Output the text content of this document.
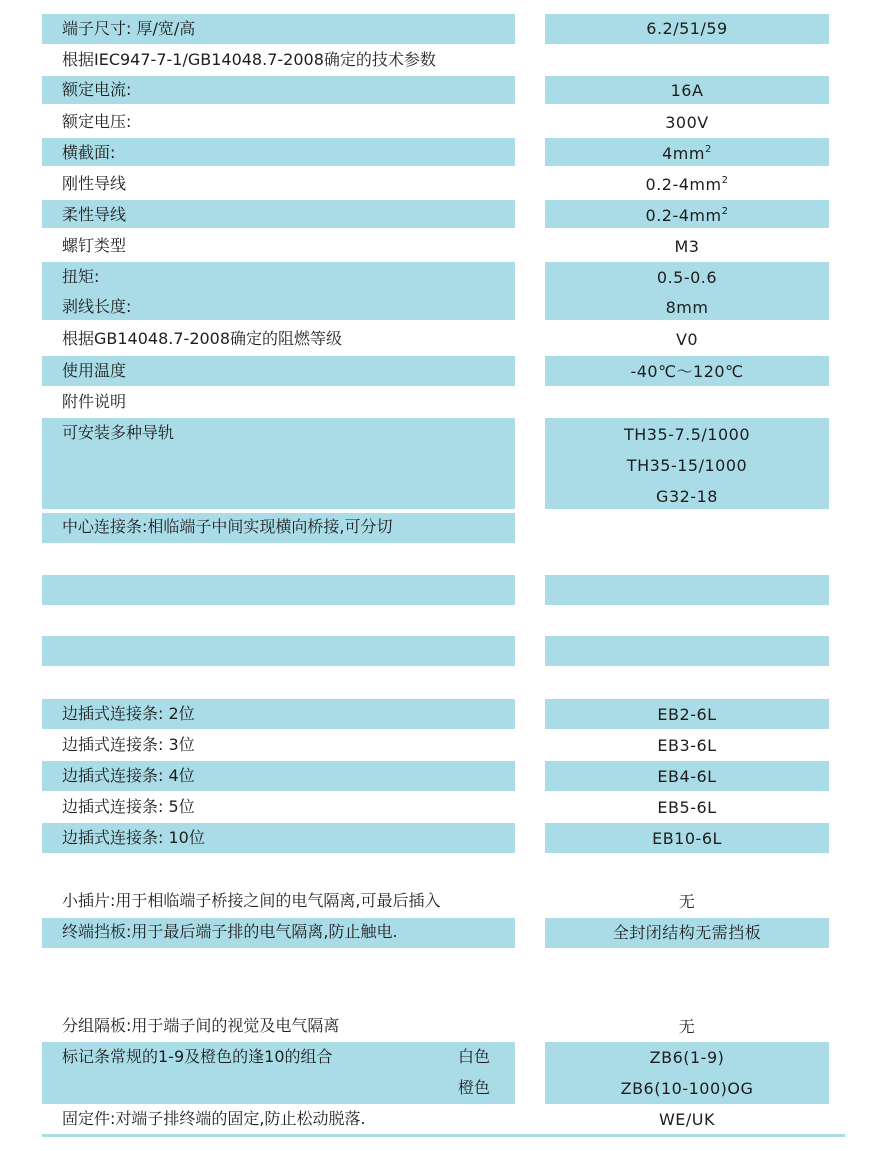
端子尺寸: 厚/宽/高	6.2/51/59
根据IEC947-7-1/GB14048.7-2008确定的技术参数
额定电流:	16A
额定电压:	300V
横截面:	$4mm^2$
刚性导线	$0.2-4mm^2$
柔性导线	$0.2-4mm^2$
螺钉类型	M3
扭矩:	0.5-0.6
剥线长度:	8mm
根据GB14048.7-2008确定的阻燃等级	V0
使用温度	-40℃～120℃
附件说明
可安装多种导轨	TH35-7.5/1000
TH35-15/1000
G32-18
中心连接条:相临端子中间实现横向桥接,可分切
边插式连接条: 2位	EB2-6L
边插式连接条: 3位	EB3-6L
边插式连接条: 4位	EB4-6L
边插式连接条: 5位	EB5-6L
边插式连接条: 10位	EB10-6L
小插片:用于相临端子桥接之间的电气隔离,可最后插入	无
终端挡板:用于最后端子排的电气隔离,防止触电.	全封闭结构无需挡板
分组隔板:用于端子间的视觉及电气隔离	无
标记条常规的1-9及橙色的逢10的组合	白色	ZB6(1-9)
橙色	ZB6(10-100)OG
固定件:对端子排终端的固定,防止松动脱落.	WE/UK
